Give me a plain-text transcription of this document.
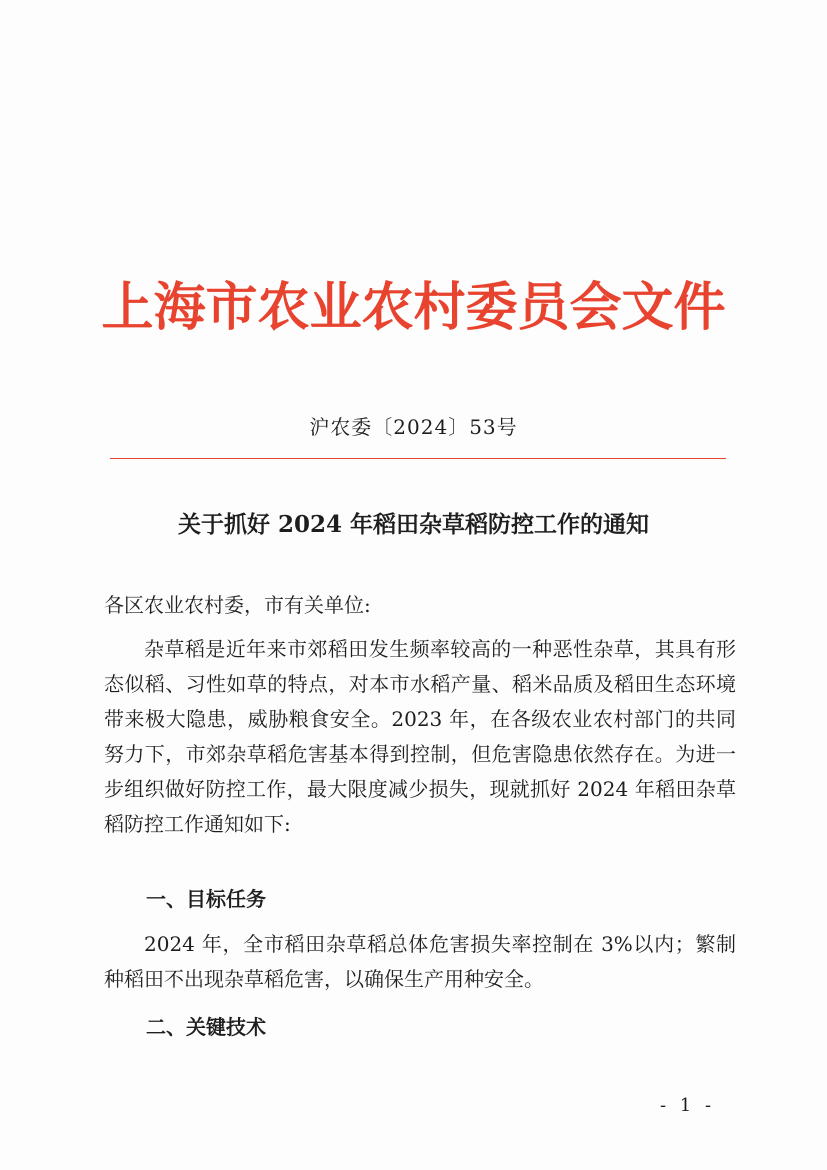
上海市农业农村委员会文件
沪农委〔2024〕53号
关于抓好 2024 年稻田杂草稻防控工作的通知

各区农业农村委，市有关单位:

杂草稻是近年来市郊稻田发生频率较高的一种恶性杂草，其具有形态似稻、习性如草的特点，对本市水稻产量、稻米品质及稻田生态环境带来极大隐患，威胁粮食安全。2023 年，在各级农业农村部门的共同努力下，市郊杂草稻危害基本得到控制，但危害隐患依然存在。为进一步组织做好防控工作，最大限度减少损失，现就抓好 2024 年稻田杂草稻防控工作通知如下:

一、目标任务

2024 年，全市稻田杂草稻总体危害损失率控制在 3%以内；繁制种稻田不出现杂草稻危害，以确保生产用种安全。

二、关键技术

- 1 -
